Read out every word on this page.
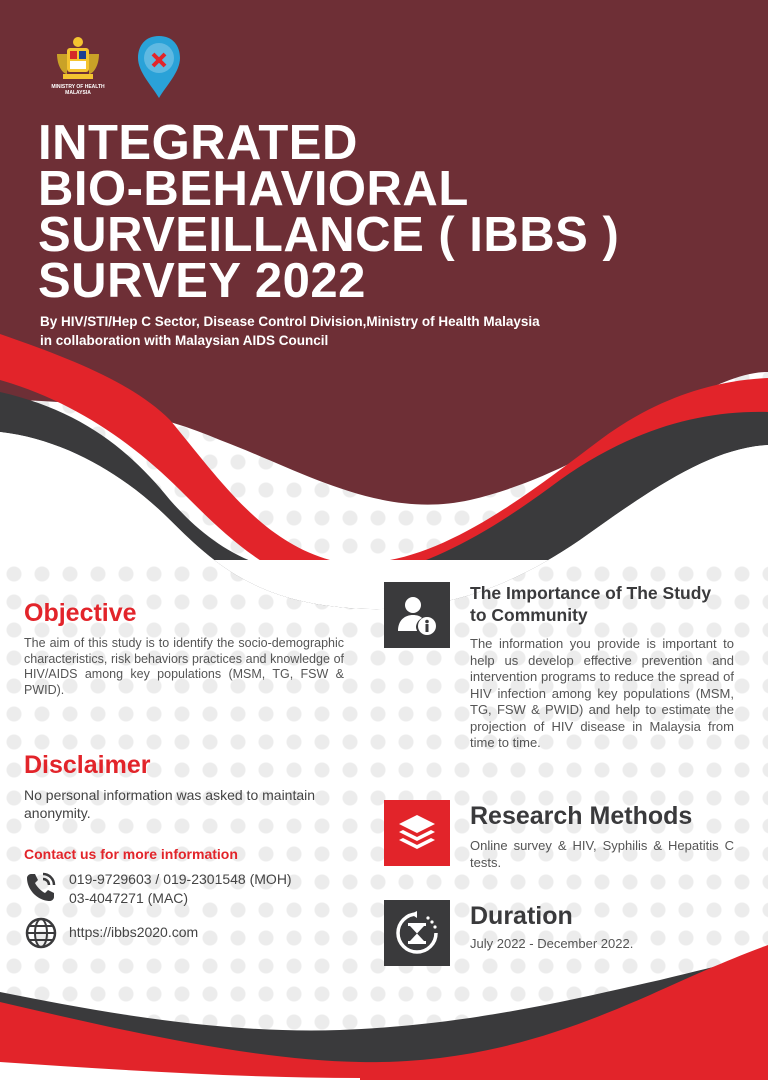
MINISTRY OF HEALTH MALAYSIA
INTEGRATED
BIO-BEHAVIORAL
SURVEILLANCE ( IBBS )
SURVEY 2022
By HIV/STI/Hep C Sector, Disease Control Division,Ministry of Health Malaysia
in collaboration with Malaysian AIDS Council
Objective
The aim of this study is to identify the socio-demographic characteristics, risk behaviors practices and knowledge of HIV/AIDS among key populations (MSM, TG, FSW & PWID).
Disclaimer
No personal information was asked to maintain anonymity.
Contact us for more information
019-9729603 / 019-2301548 (MOH)
03-4047271 (MAC)
https://ibbs2020.com
The Importance of The Study
to Community
The information you provide is important to help us develop effective prevention and intervention programs to reduce the spread of HIV infection among key populations (MSM, TG, FSW & PWID) and help to estimate the projection of HIV disease in Malaysia from time to time.
Research Methods
Online survey & HIV, Syphilis & Hepatitis C tests.
Duration
July 2022 - December 2022.
